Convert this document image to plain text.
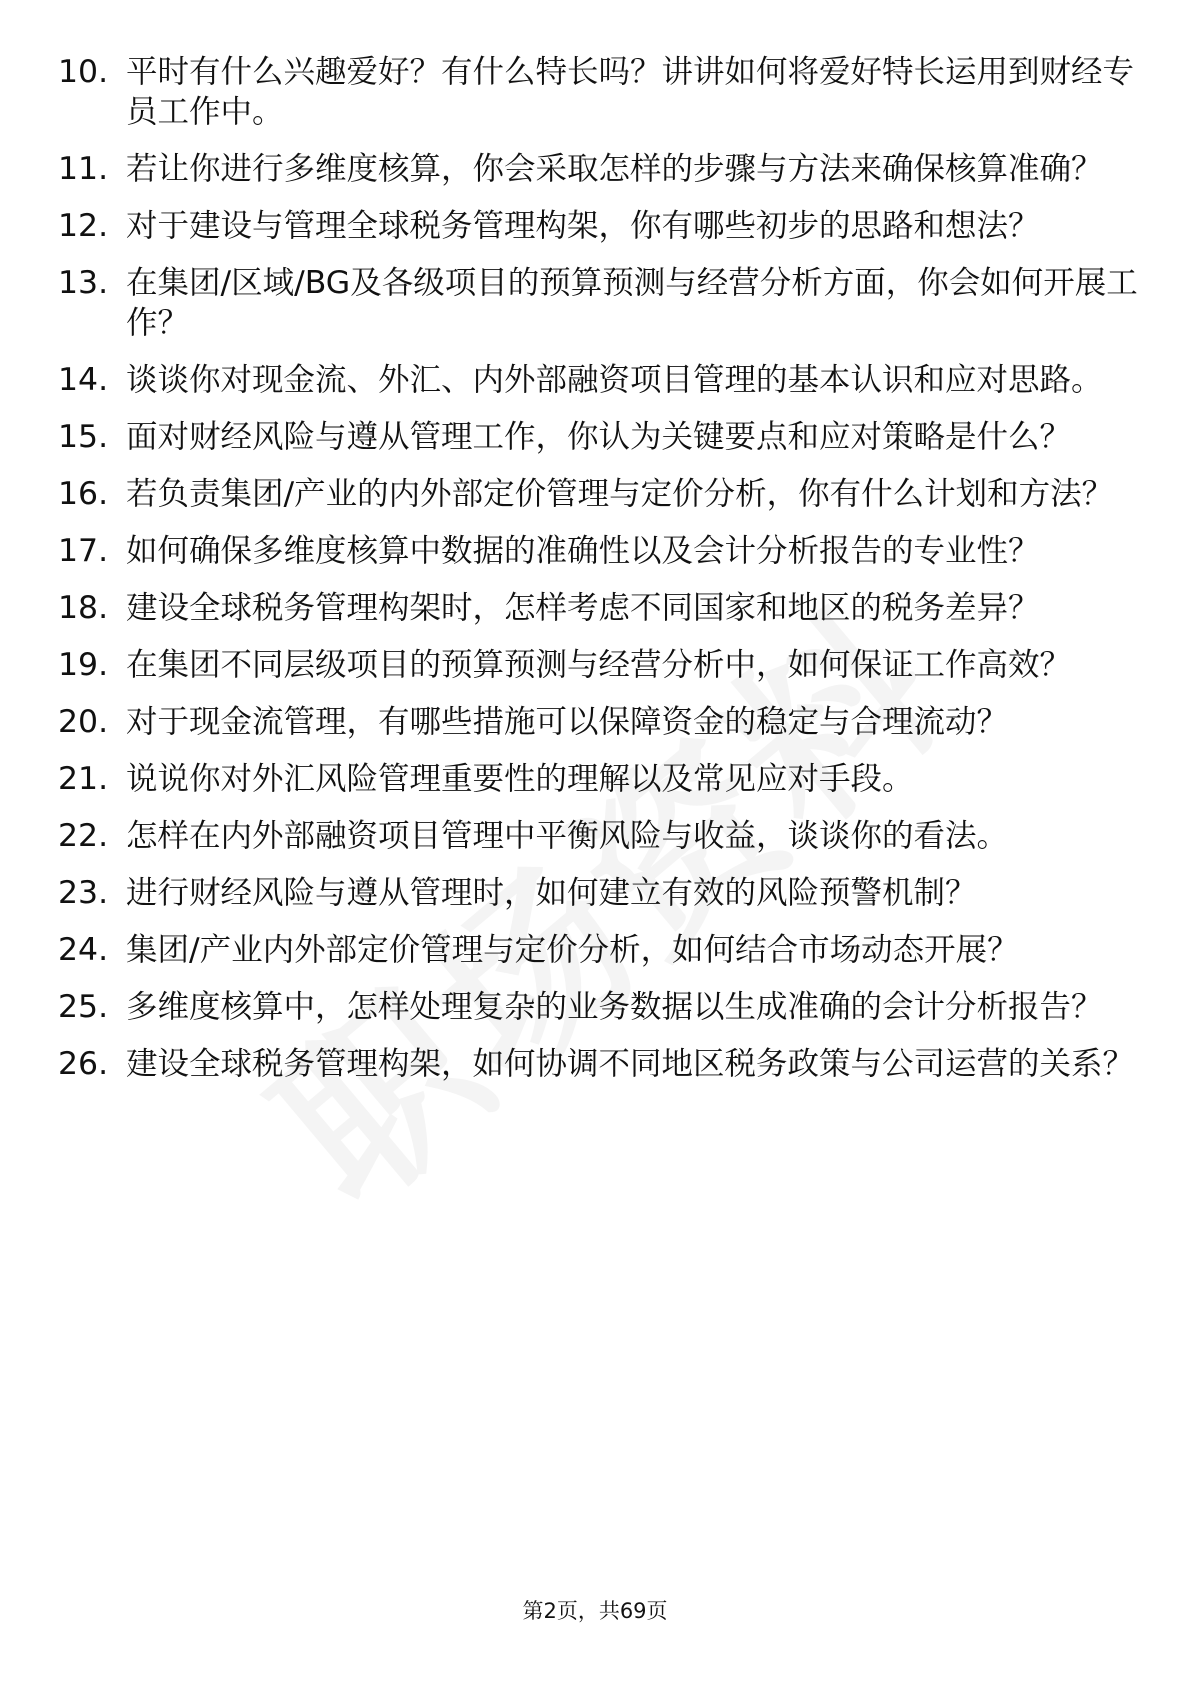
10. 平时有什么兴趣爱好？有什么特长吗？讲讲如何将爱好特长运用到财经专员工作中。
11. 若让你进行多维度核算，你会采取怎样的步骤与方法来确保核算准确？
12. 对于建设与管理全球税务管理构架，你有哪些初步的思路和想法？
13. 在集团/区域/BG及各级项目的预算预测与经营分析方面，你会如何开展工作？
14. 谈谈你对现金流、外汇、内外部融资项目管理的基本认识和应对思路。
15. 面对财经风险与遵从管理工作，你认为关键要点和应对策略是什么？
16. 若负责集团/产业的内外部定价管理与定价分析，你有什么计划和方法？
17. 如何确保多维度核算中数据的准确性以及会计分析报告的专业性？
18. 建设全球税务管理构架时，怎样考虑不同国家和地区的税务差异？
19. 在集团不同层级项目的预算预测与经营分析中，如何保证工作高效？
20. 对于现金流管理，有哪些措施可以保障资金的稳定与合理流动？
21. 说说你对外汇风险管理重要性的理解以及常见应对手段。
22. 怎样在内外部融资项目管理中平衡风险与收益，谈谈你的看法。
23. 进行财经风险与遵从管理时，如何建立有效的风险预警机制？
24. 集团/产业内外部定价管理与定价分析，如何结合市场动态开展？
25. 多维度核算中，怎样处理复杂的业务数据以生成准确的会计分析报告？
26. 建设全球税务管理构架，如何协调不同地区税务政策与公司运营的关系？
第2页，共69页
